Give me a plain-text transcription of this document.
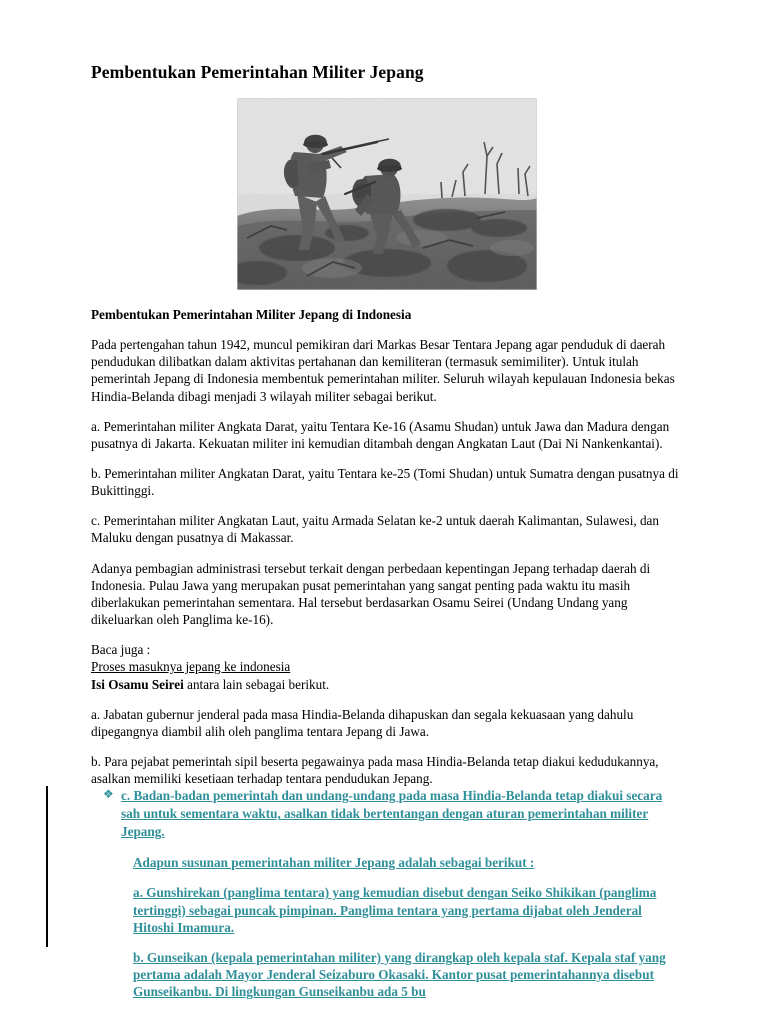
Pembentukan Pemerintahan Militer Jepang
Pembentukan Pemerintahan Militer Jepang di Indonesia

Pada pertengahan tahun 1942, muncul pemikiran dari Markas Besar Tentara Jepang agar penduduk di daerah pendudukan dilibatkan dalam aktivitas pertahanan dan kemiliteran (termasuk semimiliter). Untuk itulah pemerintah Jepang di Indonesia membentuk pemerintahan militer. Seluruh wilayah kepulauan Indonesia bekas Hindia-Belanda dibagi menjadi 3 wilayah militer sebagai berikut.

a. Pemerintahan militer Angkata Darat, yaitu Tentara Ke-16 (Asamu Shudan) untuk Jawa dan Madura dengan pusatnya di Jakarta. Kekuatan militer ini kemudian ditambah dengan Angkatan Laut (Dai Ni Nankenkantai).

b. Pemerintahan militer Angkatan Darat, yaitu Tentara ke-25 (Tomi Shudan) untuk Sumatra dengan pusatnya di Bukittinggi.

c. Pemerintahan militer Angkatan Laut, yaitu Armada Selatan ke-2 untuk daerah Kalimantan, Sulawesi, dan Maluku dengan pusatnya di Makassar.

Adanya pembagian administrasi tersebut terkait dengan perbedaan kepentingan Jepang terhadap daerah di Indonesia. Pulau Jawa yang merupakan pusat pemerintahan yang sangat penting pada waktu itu masih diberlakukan pemerintahan sementara. Hal tersebut berdasarkan Osamu Seirei (Undang Undang yang dikeluarkan oleh Panglima ke-16).

Baca juga :

Proses masuknya jepang ke indonesia

Isi Osamu Seirei antara lain sebagai berikut.

a. Jabatan gubernur jenderal pada masa Hindia-Belanda dihapuskan dan segala kekuasaan yang dahulu dipegangnya diambil alih oleh panglima tentara Jepang di Jawa.

b. Para pejabat pemerintah sipil beserta pegawainya pada masa Hindia-Belanda tetap diakui kedudukannya, asalkan memiliki kesetiaan terhadap tentara pendudukan Jepang.

❖ c. Badan-badan pemerintah dan undang-undang pada masa Hindia-Belanda tetap diakui secara sah untuk sementara waktu, asalkan tidak bertentangan dengan aturan pemerintahan militer Jepang.

Adapun susunan pemerintahan militer Jepang adalah sebagai berikut :

a. Gunshirekan (panglima tentara) yang kemudian disebut dengan Seiko Shikikan (panglima tertinggi) sebagai puncak pimpinan. Panglima tentara yang pertama dijabat oleh Jenderal Hitoshi Imamura.

b. Gunseikan (kepala pemerintahan militer) yang dirangkap oleh kepala staf. Kepala staf yang pertama adalah Mayor Jenderal Seizaburo Okasaki. Kantor pusat pemerintahannya disebut Gunseikanbu. Di lingkungan Gunseikanbu ada 5 bu
